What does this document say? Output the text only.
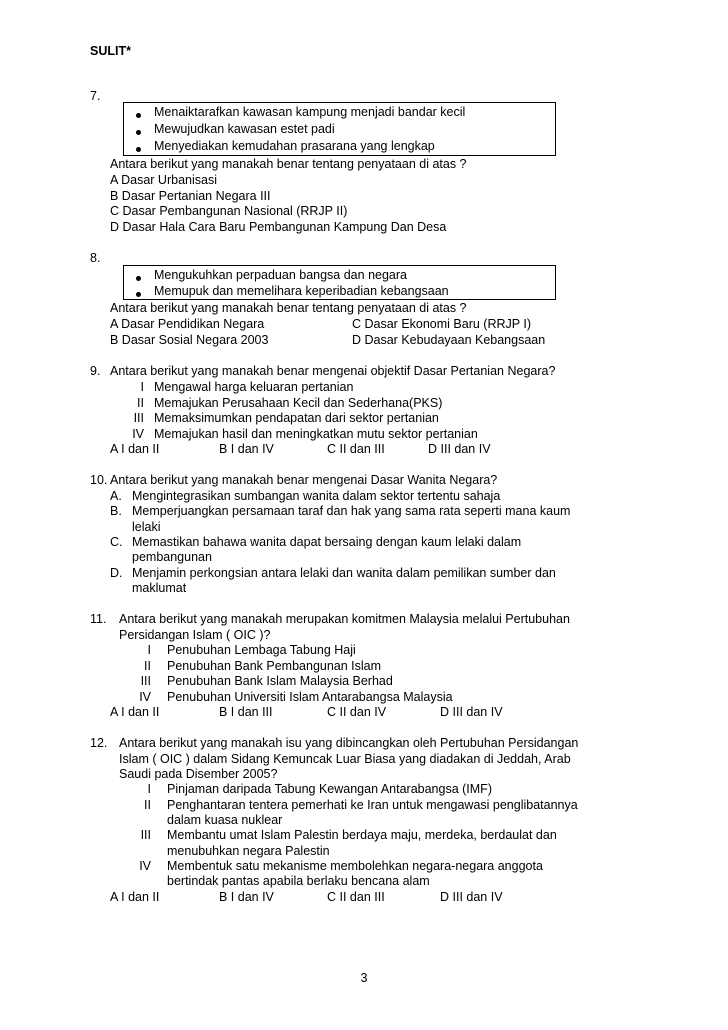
SULIT*
7.
Menaiktarafkan kawasan kampung menjadi bandar kecil
Mewujudkan kawasan estet padi
Menyediakan kemudahan prasarana yang lengkap
Antara berikut yang manakah benar tentang penyataan di atas ?
A Dasar Urbanisasi
B Dasar Pertanian Negara III
C Dasar Pembangunan Nasional (RRJP II)
D Dasar Hala Cara Baru Pembangunan Kampung Dan Desa
8.
Mengukuhkan perpaduan bangsa dan negara
Memupuk dan memelihara keperibadian kebangsaan
Antara berikut yang manakah benar tentang penyataan di atas ?
A Dasar Pendidikan Negara	C Dasar Ekonomi Baru (RRJP I)
B Dasar Sosial Negara 2003	D Dasar Kebudayaan Kebangsaan
9. Antara berikut yang manakah benar mengenai objektif Dasar Pertanian Negara?
I Mengawal harga keluaran pertanian
II Memajukan Perusahaan Kecil dan Sederhana(PKS)
III Memaksimumkan pendapatan dari sektor pertanian
IV Memajukan hasil dan meningkatkan mutu sektor pertanian
A I dan II	B I dan IV	C II dan III	D III dan IV
10. Antara berikut yang manakah benar mengenai Dasar Wanita Negara?
A. Mengintegrasikan sumbangan wanita dalam sektor tertentu sahaja
B. Memperjuangkan persamaan taraf dan hak yang sama rata seperti mana kaum
lelaki
C. Memastikan bahawa wanita dapat bersaing dengan kaum lelaki dalam
pembangunan
D. Menjamin perkongsian antara lelaki dan wanita dalam pemilikan sumber dan
maklumat
11. Antara berikut yang manakah merupakan komitmen Malaysia melalui Pertubuhan
Persidangan Islam ( OIC )?
I Penubuhan Lembaga Tabung Haji
II Penubuhan Bank Pembangunan Islam
III Penubuhan Bank Islam Malaysia Berhad
IV Penubuhan Universiti Islam Antarabangsa Malaysia
A I dan II	B I dan III	C II dan IV	D III dan IV
12. Antara berikut yang manakah isu yang dibincangkan oleh Pertubuhan Persidangan
Islam ( OIC ) dalam Sidang Kemuncak Luar Biasa yang diadakan di Jeddah, Arab
Saudi pada Disember 2005?
I Pinjaman daripada Tabung Kewangan Antarabangsa (IMF)
II Penghantaran tentera pemerhati ke Iran untuk mengawasi penglibatannya
dalam kuasa nuklear
III Membantu umat Islam Palestin berdaya maju, merdeka, berdaulat dan
menubuhkan negara Palestin
IV Membentuk satu mekanisme membolehkan negara-negara anggota
bertindak pantas apabila berlaku bencana alam
A I dan II	B I dan IV	C II dan III	D III dan IV
3
